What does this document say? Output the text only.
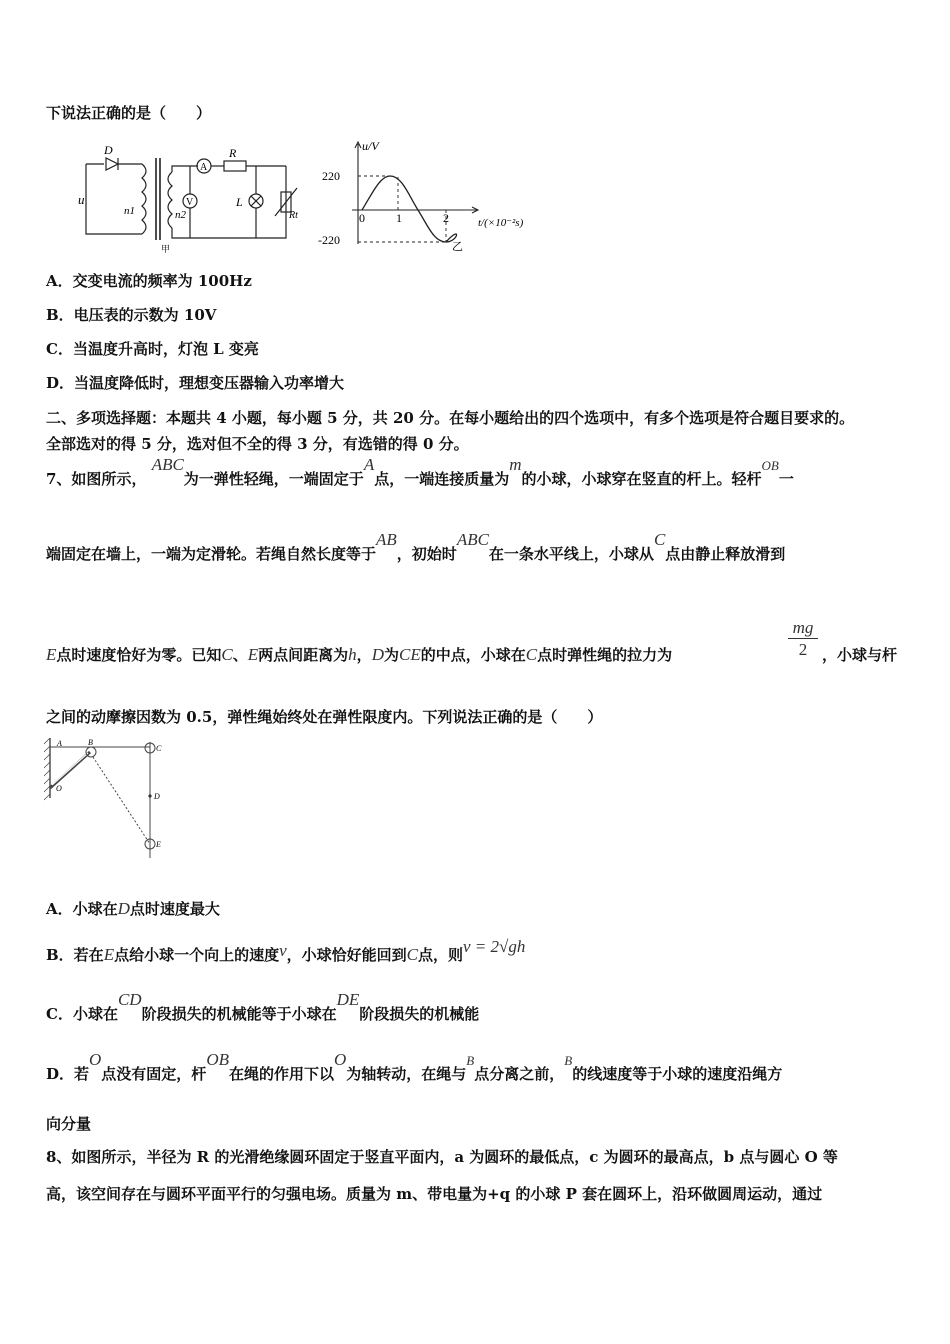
下说法正确的是（　　）
D
u
n1	n2
R
A
V	L
Rt
甲
u/V
220
-220
0	1	2	t/(×10⁻²s)
乙
A．交变电流的频率为 100Hz
B．电压表的示数为 10V
C．当温度升高时，灯泡 L 变亮
D．当温度降低时，理想变压器输入功率增大
二、多项选择题：本题共 4 小题，每小题 5 分，共 20 分。在每小题给出的四个选项中，有多个选项是符合题目要求的。
全部选对的得 5 分，选对但不全的得 3 分，有选错的得 0 分。
7、如图所示， ABC为一弹性轻绳，一端固定于A点，一端连接质量为m的小球，小球穿在竖直的杆上。轻杆OB一
端固定在墙上，一端为定滑轮。若绳自然长度等于AB，初始时ABC在一条水平线上，小球从C点由静止释放滑到
E点时速度恰好为零。已知C、E两点间距离为h，D为CE的中点，小球在C点时弹性绳的拉力为
mg
2 ，小球与杆
之间的动摩擦因数为 0.5，弹性绳始终处在弹性限度内。下列说法正确的是（　　）
A	B
C
D
E
O
A．小球在D点时速度最大
B．若在E点给小球一个向上的速度v，小球恰好能回到C点，则v = 2√gh
C．小球在CD阶段损失的机械能等于小球在DE阶段损失的机械能
D．若O点没有固定，杆OB在绳的作用下以O为轴转动，在绳与B点分离之前，B的线速度等于小球的速度沿绳方
向分量
8、如图所示，半径为 R 的光滑绝缘圆环固定于竖直平面内，a 为圆环的最低点，c 为圆环的最高点，b 点与圆心 O 等
高，该空间存在与圆环平面平行的匀强电场。质量为 m、带电量为+q 的小球 P 套在圆环上，沿环做圆周运动，通过
